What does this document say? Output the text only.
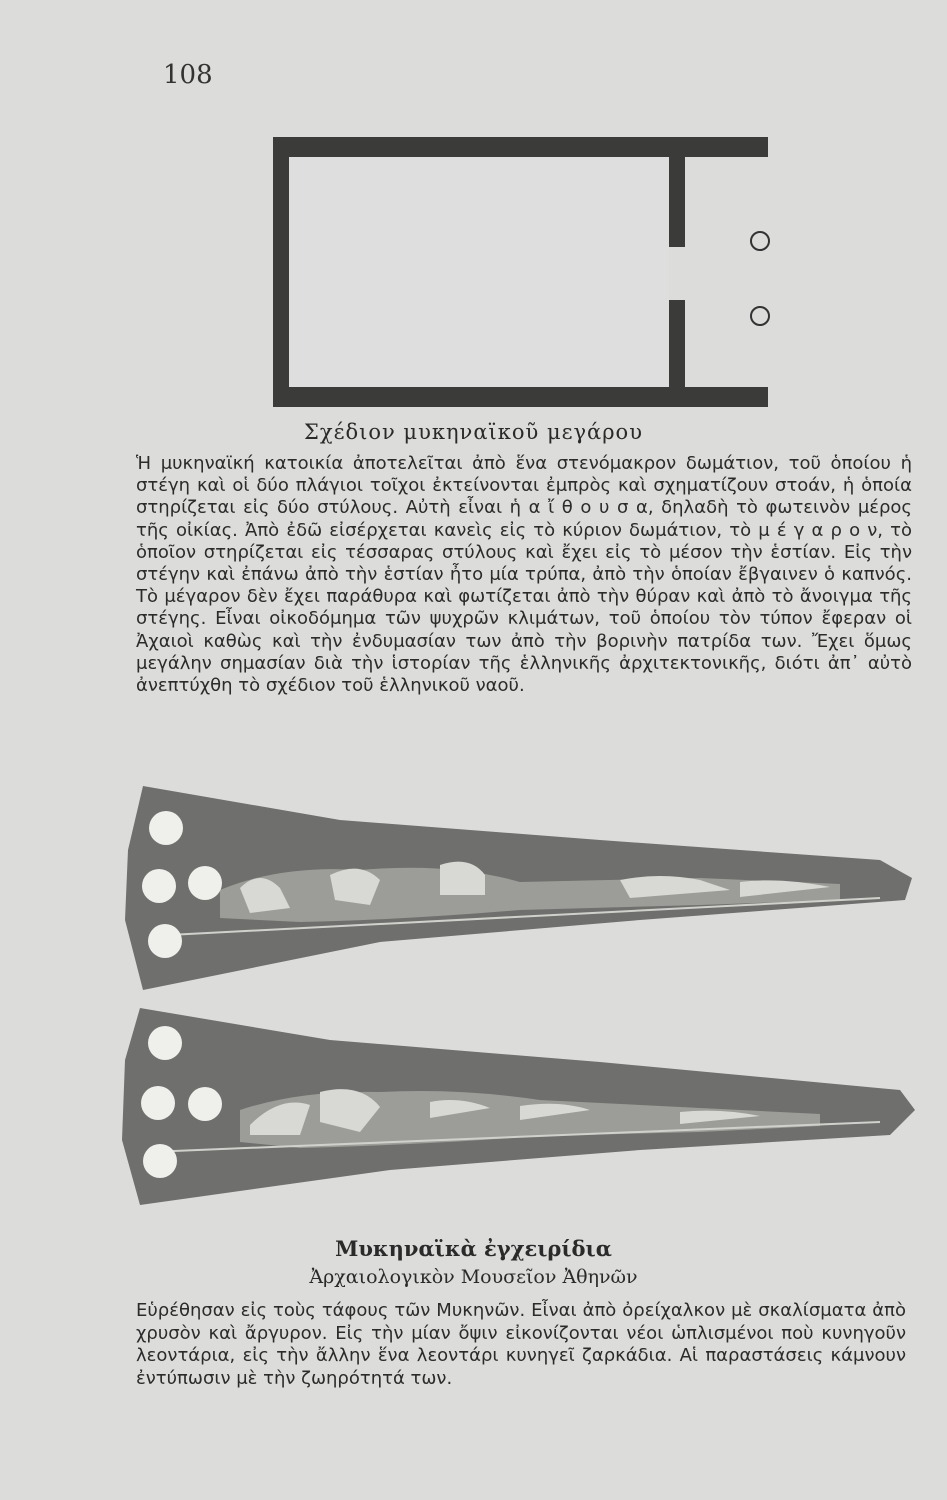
108
Σχέδιον μυκηναϊκοῦ μεγάρου
Ἡ μυκηναϊκή κατοικία ἀποτελεῖται ἀπὸ ἕνα στενόμακρον δωμάτιον, τοῦ ὁποίου ἡ στέγη καὶ οἱ δύο πλάγιοι τοῖχοι ἐκτείνονται ἐμπρὸς καὶ σχηματίζουν στοάν, ἡ ὁποία στηρίζεται εἰς δύο στύλους. Αὐτὴ εἶναι ἡ α ἴ θ ο υ σ α, δηλαδὴ τὸ φωτεινὸν μέρος τῆς οἰκίας. Ἀπὸ ἐδῶ εἰσέρχεται κανεὶς εἰς τὸ κύριον δωμάτιον, τὸ μ έ γ α ρ ο ν, τὸ ὁποῖον στηρίζεται εἰς τέσσαρας στύλους καὶ ἔχει εἰς τὸ μέσον τὴν ἑστίαν. Εἰς τὴν στέγην καὶ ἐπάνω ἀπὸ τὴν ἑστίαν ἦτο μία τρύπα, ἀπὸ τὴν ὁποίαν ἔβγαινεν ὁ καπνός. Τὸ μέγαρον δὲν ἔχει παράθυρα καὶ φωτίζεται ἀπὸ τὴν θύραν καὶ ἀπὸ τὸ ἄνοιγμα τῆς στέγης. Εἶναι οἰκοδόμημα τῶν ψυχρῶν κλιμάτων, τοῦ ὁποίου τὸν τύπον ἔφεραν οἱ Ἀχαιοὶ καθὼς καὶ τὴν ἐνδυμασίαν των ἀπὸ τὴν βορινὴν πατρίδα των. Ἔχει ὅμως μεγάλην σημασίαν διὰ τὴν ἱστορίαν τῆς ἑλληνικῆς ἀρχιτεκτονικῆς, διότι ἀπ᾿ αὐτὸ ἀνεπτύχθη τὸ σχέδιον τοῦ ἑλληνικοῦ ναοῦ.
Μυκηναϊκὰ ἐγχειρίδια
Ἀρχαιολογικὸν Μουσεῖον Ἀθηνῶν
Εὑρέθησαν εἰς τοὺς τάφους τῶν Μυκηνῶν. Εἶναι ἀπὸ ὀρείχαλκον μὲ σκαλίσματα ἀπὸ χρυσὸν καὶ ἄργυρον. Εἰς τὴν μίαν ὄψιν εἰκονίζονται νέοι ὡπλισμένοι ποὺ κυνηγοῦν λεοντάρια, εἰς τὴν ἄλλην ἕνα λεοντάρι κυνηγεῖ ζαρκάδια. Αἱ παραστάσεις κάμνουν ἐντύπωσιν μὲ τὴν ζωηρότητά των.
